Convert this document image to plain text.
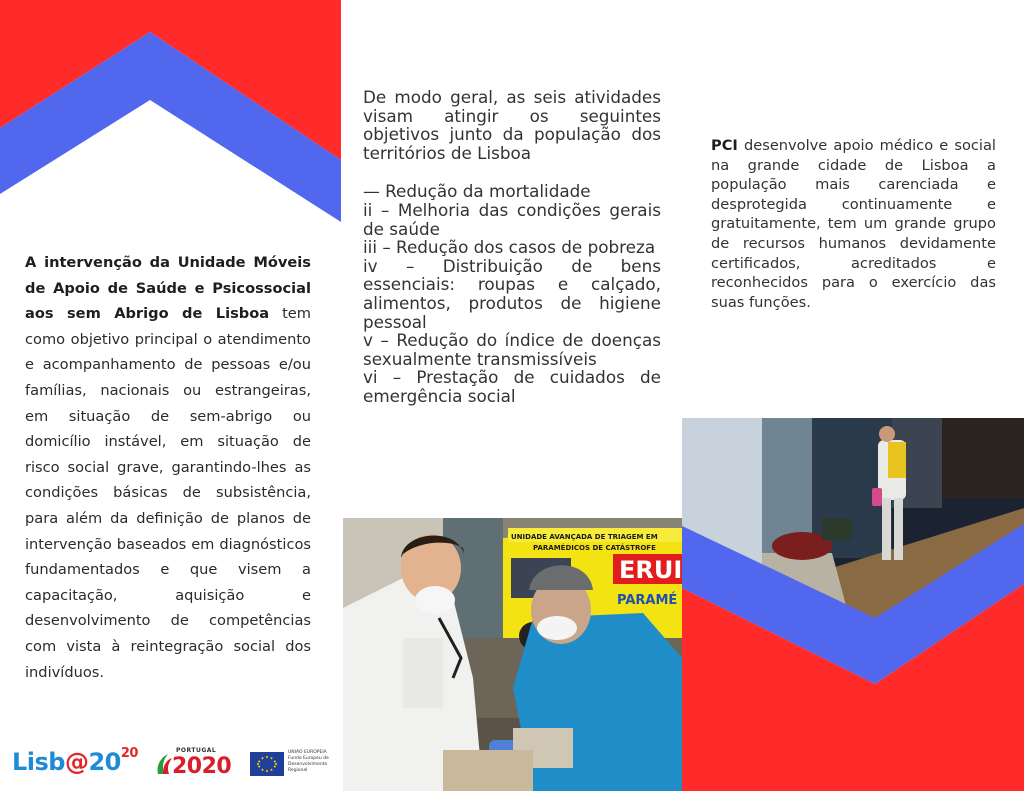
A intervenção da Unidade Móveis de Apoio de Saúde e Psicossocial aos sem Abrigo de Lisboa tem como objetivo principal o atendimento e acompanhamento de pessoas e/ou famílias, nacionais ou estrangeiras, em situação de sem-abrigo ou domicílio instável, em situação de risco social grave, garantindo-lhes as condições básicas de subsistência, para além da definição de planos de intervenção baseados em diagnósticos fundamentados e que visem a capacitação, aquisição e desenvolvimento de competências com vista à reintegração social dos indivíduos.

$Lisb@20^{20}$	PORTUGAL
2020
UNIÃO EUROPEIA
Fundo Europeu de
Desenvolvimento Regional

De modo geral, as seis atividades visam atingir os seguintes objetivos junto da população dos territórios de Lisboa

— Redução da mortalidade
ii – Melhoria das condições gerais de saúde
iii – Redução dos casos de pobreza
iv – Distribuição de bens essenciais: roupas e calçado, alimentos, produtos de higiene pessoal
v – Redução do índice de doenças sexualmente transmissíveis
vi – Prestação de cuidados de emergência social
UNIDADE AVANÇADA DE TRIAGEM EM
PARAMÉDICOS DE CATÁSTROFE
ERUI
PARAMÉ

PCI desenvolve apoio médico e social na grande cidade de Lisboa a população mais carenciada e desprotegida continuamente e gratuitamente, tem um grande grupo de recursos humanos devidamente certificados, acreditados e reconhecidos para o exercício das suas funções.
